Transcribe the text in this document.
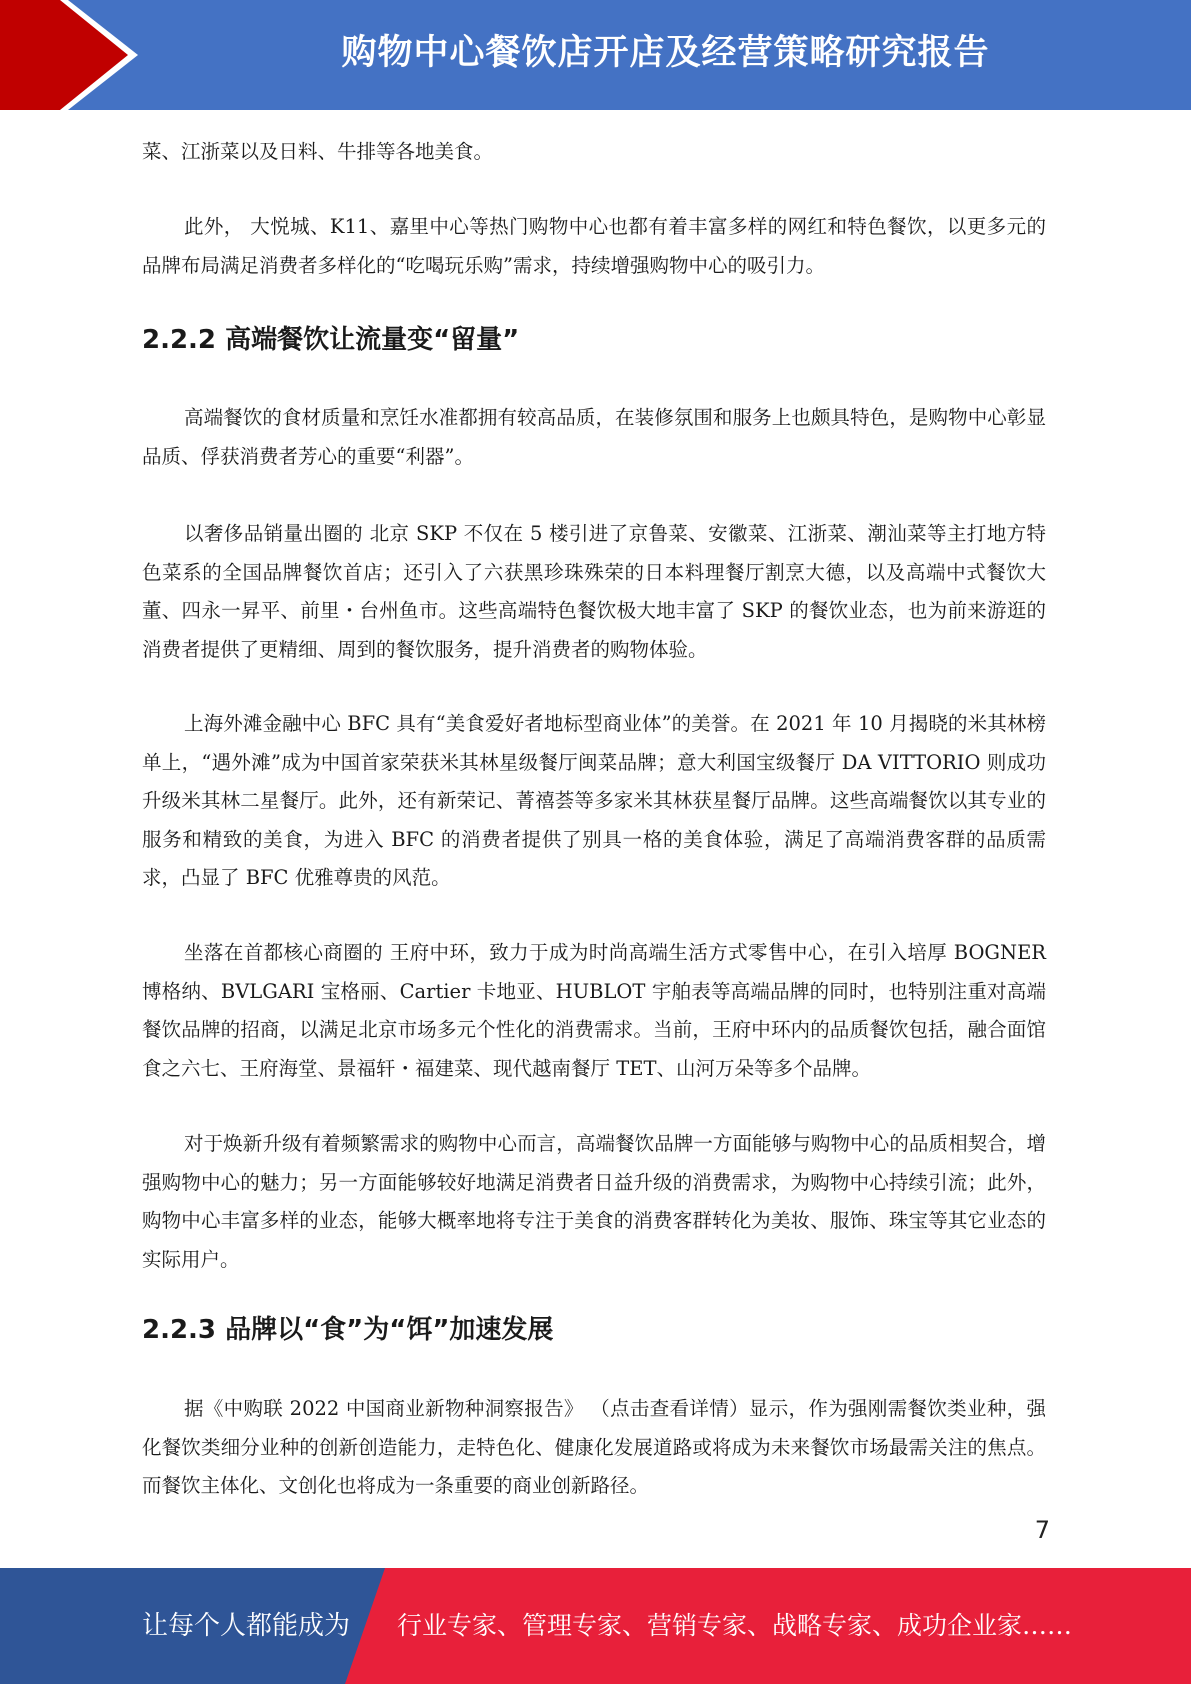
购物中心餐饮店开店及经营策略研究报告

菜、江浙菜以及日料、牛排等各地美食。

此外， 大悦城、K11、嘉里中心等热门购物中心也都有着丰富多样的网红和特色餐饮，以更多元的品牌布局满足消费者多样化的“吃喝玩乐购”需求，持续增强购物中心的吸引力。

2.2.2 高端餐饮让流量变“留量”

高端餐饮的食材质量和烹饪水准都拥有较高品质，在装修氛围和服务上也颇具特色，是购物中心彰显品质、俘获消费者芳心的重要“利器”。

以奢侈品销量出圈的 北京 SKP 不仅在 5 楼引进了京鲁菜、安徽菜、江浙菜、潮汕菜等主打地方特色菜系的全国品牌餐饮首店；还引入了六获黑珍珠殊荣的日本料理餐厅割烹大德，以及高端中式餐饮大董、四永一昇平、前里・台州鱼市。这些高端特色餐饮极大地丰富了 SKP 的餐饮业态，也为前来游逛的消费者提供了更精细、周到的餐饮服务，提升消费者的购物体验。

上海外滩金融中心 BFC 具有“美食爱好者地标型商业体”的美誉。在 2021 年 10 月揭晓的米其林榜单上，“遇外滩”成为中国首家荣获米其林星级餐厅闽菜品牌；意大利国宝级餐厅 DA VITTORIO 则成功升级米其林二星餐厅。此外，还有新荣记、菁禧荟等多家米其林获星餐厅品牌。这些高端餐饮以其专业的服务和精致的美食，为进入 BFC 的消费者提供了别具一格的美食体验，满足了高端消费客群的品质需求，凸显了 BFC 优雅尊贵的风范。

坐落在首都核心商圈的 王府中环，致力于成为时尚高端生活方式零售中心，在引入培厚 BOGNER 博格纳、BVLGARI 宝格丽、Cartier 卡地亚、HUBLOT 宇舶表等高端品牌的同时，也特别注重对高端餐饮品牌的招商，以满足北京市场多元个性化的消费需求。当前，王府中环内的品质餐饮包括，融合面馆食之六七、王府海堂、景福轩・福建菜、现代越南餐厅 TET、山河万朵等多个品牌。

对于焕新升级有着频繁需求的购物中心而言，高端餐饮品牌一方面能够与购物中心的品质相契合，增强购物中心的魅力；另一方面能够较好地满足消费者日益升级的消费需求，为购物中心持续引流；此外，购物中心丰富多样的业态，能够大概率地将专注于美食的消费客群转化为美妆、服饰、珠宝等其它业态的实际用户。

2.2.3 品牌以“食”为“饵”加速发展

据《中购联 2022 中国商业新物种洞察报告》 （点击查看详情）显示，作为强刚需餐饮类业种，强化餐饮类细分业种的创新创造能力，走特色化、健康化发展道路或将成为未来餐饮市场最需关注的焦点。而餐饮主体化、文创化也将成为一条重要的商业创新路径。

7
让每个人都能成为 行业专家、管理专家、营销专家、战略专家、成功企业家……
